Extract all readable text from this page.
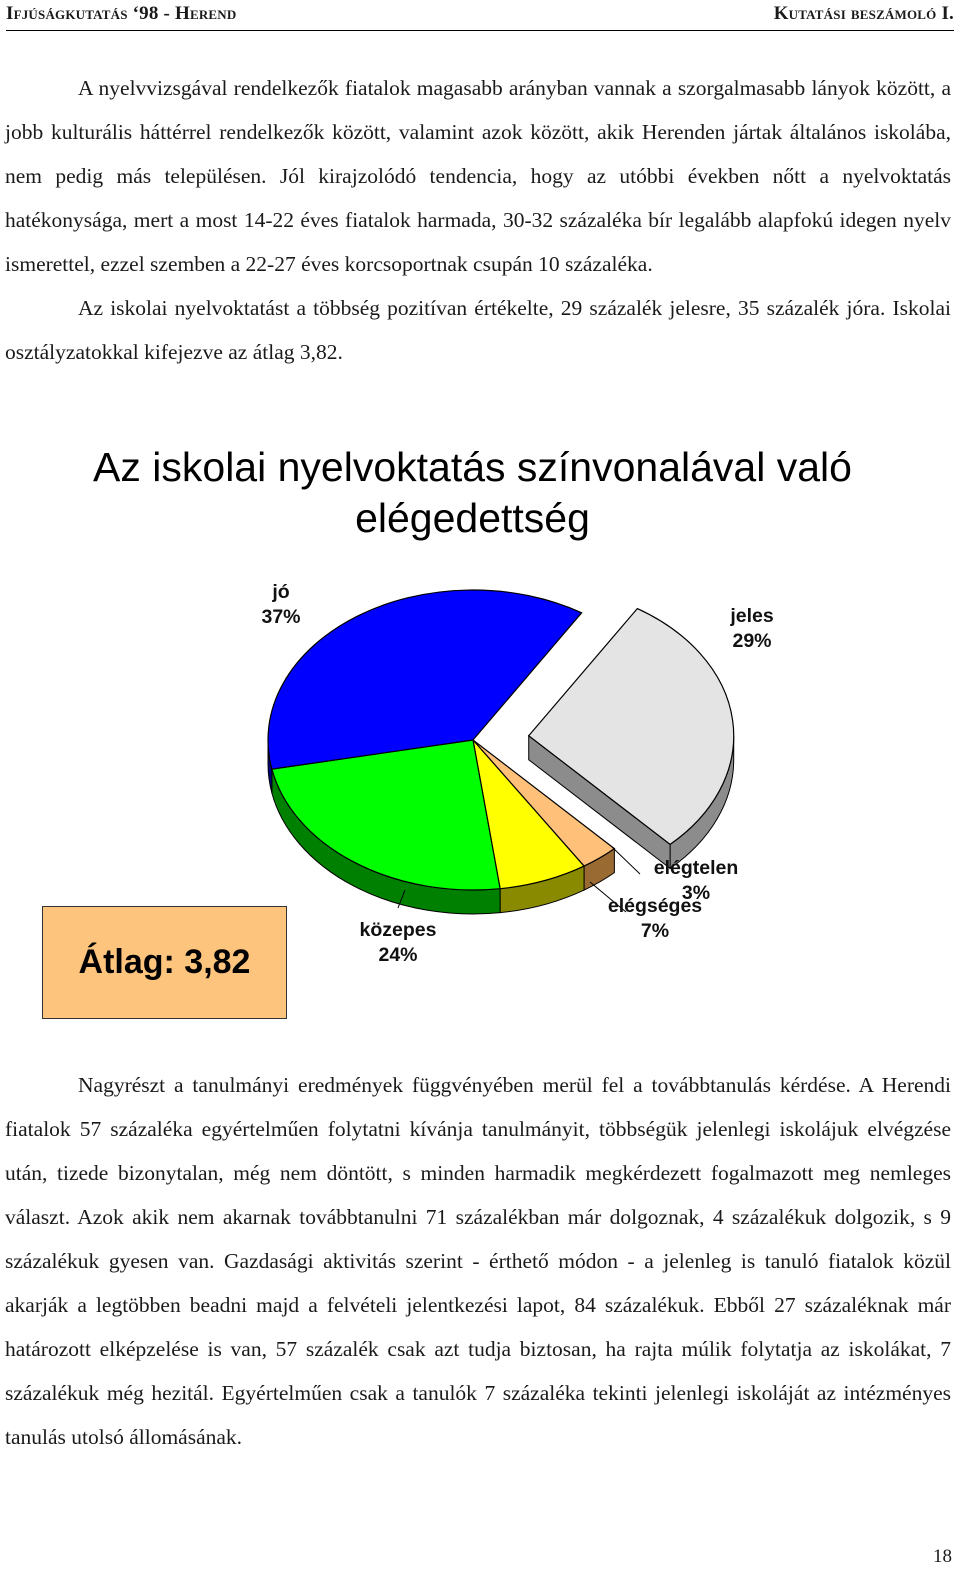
Ifjúságkutatás ‘98 - Herend	Kutatási beszámoló I.

A nyelvvizsgával rendelkezők fiatalok magasabb arányban vannak a szorgalmasabb lányok között, a jobb kulturális háttérrel rendelkezők között, valamint azok között, akik Herenden jártak általános iskolába, nem pedig más településen. Jól kirajzolódó tendencia, hogy az utóbbi években nőtt a nyelvoktatás hatékonysága, mert a most 14-22 éves fiatalok harmada, 30-32 százaléka bír legalább alapfokú idegen nyelv ismerettel, ezzel szemben a 22-27 éves korcsoportnak csupán 10 százaléka.

Az iskolai nyelvoktatást a többség pozitívan értékelte, 29 százalék jelesre, 35 százalék jóra. Iskolai osztályzatokkal kifejezve az átlag 3,82.

Az iskolai nyelvoktatás színvonalával való elégedettség
jeles
29%
elégtelen
3%
elégséges
7%
közepes
24%
jó
37%
Átlag: 3,82

Nagyrészt a tanulmányi eredmények függvényében merül fel a továbbtanulás kérdése. A Herendi fiatalok 57 százaléka egyértelműen folytatni kívánja tanulmányit, többségük jelenlegi iskolájuk elvégzése után, tizede bizonytalan, még nem döntött, s minden harmadik megkérdezett fogalmazott meg nemleges választ. Azok akik nem akarnak továbbtanulni 71 százalékban már dolgoznak, 4 százalékuk dolgozik, s 9 százalékuk gyesen van. Gazdasági aktivitás szerint - érthető módon - a jelenleg is tanuló fiatalok közül akarják a legtöbben beadni majd a felvételi jelentkezési lapot, 84 százalékuk. Ebből 27 százaléknak már határozott elképzelése is van, 57 százalék csak azt tudja biztosan, ha rajta múlik folytatja az iskolákat, 7 százalékuk még hezitál. Egyértelműen csak a tanulók 7 százaléka tekinti jelenlegi iskoláját az intézményes tanulás utolsó állomásának.

18
